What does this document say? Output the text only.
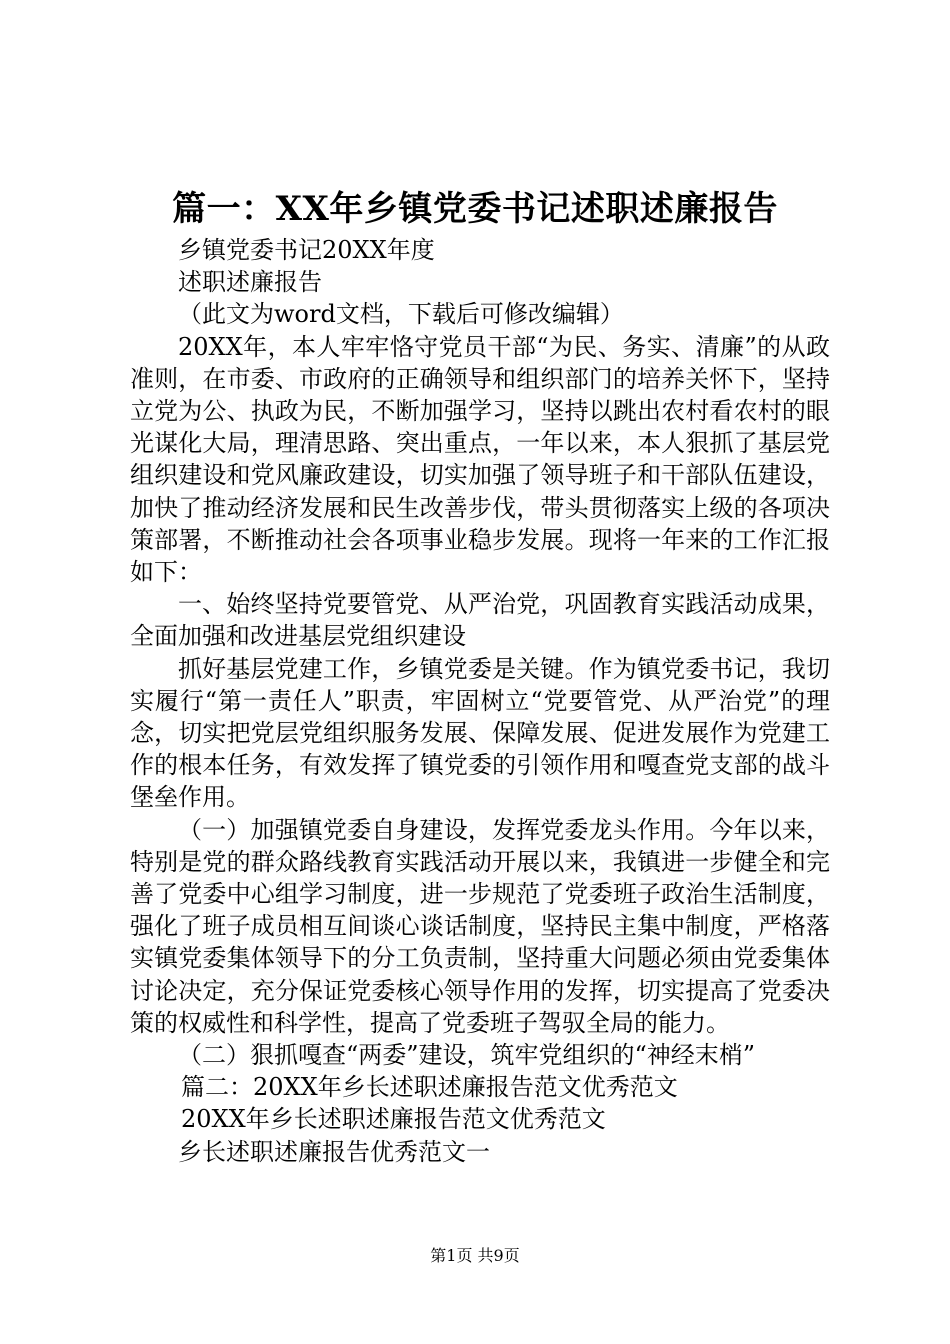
篇一：XX年乡镇党委书记述职述廉报告
乡镇党委书记20XX年度
述职述廉报告
（此文为word文档，下载后可修改编辑）
20XX年，本人牢牢恪守党员干部“为民、务实、清廉”的从政准则，在市委、市政府的正确领导和组织部门的培养关怀下，坚持立党为公、执政为民，不断加强学习，坚持以跳出农村看农村的眼光谋化大局，理清思路、突出重点，一年以来，本人狠抓了基层党组织建设和党风廉政建设，切实加强了领导班子和干部队伍建设，加快了推动经济发展和民生改善步伐，带头贯彻落实上级的各项决策部署，不断推动社会各项事业稳步发展。现将一年来的工作汇报如下：
一、始终坚持党要管党、从严治党，巩固教育实践活动成果，全面加强和改进基层党组织建设
抓好基层党建工作，乡镇党委是关键。作为镇党委书记，我切实履行“第一责任人”职责，牢固树立“党要管党、从严治党”的理念，切实把党层党组织服务发展、保障发展、促进发展作为党建工作的根本任务，有效发挥了镇党委的引领作用和嘎查党支部的战斗堡垒作用。
（一）加强镇党委自身建设，发挥党委龙头作用。今年以来，特别是党的群众路线教育实践活动开展以来，我镇进一步健全和完善了党委中心组学习制度，进一步规范了党委班子政治生活制度，强化了班子成员相互间谈心谈话制度，坚持民主集中制度，严格落实镇党委集体领导下的分工负责制，坚持重大问题必须由党委集体讨论决定，充分保证党委核心领导作用的发挥，切实提高了党委决策的权威性和科学性，提高了党委班子驾驭全局的能力。
（二）狠抓嘎查“两委”建设，筑牢党组织的“神经末梢”
篇二：20XX年乡长述职述廉报告范文优秀范文
20XX年乡长述职述廉报告范文优秀范文
乡长述职述廉报告优秀范文一
第1页 共9页
